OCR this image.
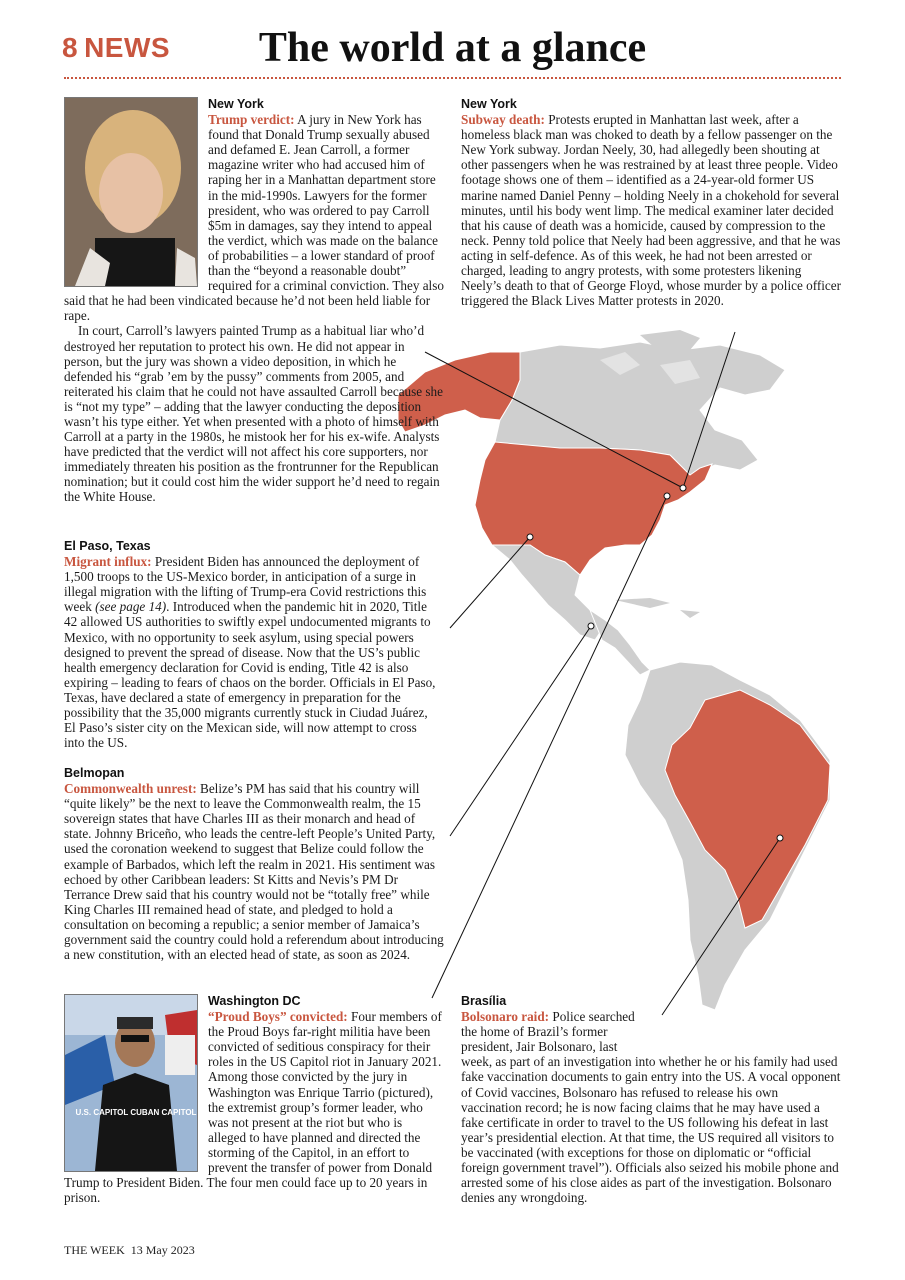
8 NEWS	The world at a glance
New York

Trump verdict: A jury in New York has found that Donald Trump sexually abused and defamed E. Jean Carroll, a former magazine writer who had accused him of raping her in a Manhattan department store in the mid-1990s. Lawyers for the former president, who was ordered to pay Carroll $5m in damages, say they intend to appeal the verdict, which was made on the balance of probabilities – a lower standard of proof than the “beyond a reasonable doubt” required for a criminal conviction. They also said that he had been vindicated because he’d not been held liable for rape.

In court, Carroll’s lawyers painted Trump as a habitual liar who’d destroyed her reputation to protect his own. He did not appear in person, but the jury was shown a video deposition, in which he defended his “grab ’em by the pussy” comments from 2005, and reiterated his claim that he could not have assaulted Carroll because she is “not my type” – adding that the lawyer conducting the deposition wasn’t his type either. Yet when presented with a photo of himself with Carroll at a party in the 1980s, he mistook her for his ex-wife. Analysts have predicted that the verdict will not affect his core supporters, nor immediately threaten his position as the frontrunner for the Republican nomination; but it could cost him the wider support he’d need to regain the White House.

New York

Subway death: Protests erupted in Manhattan last week, after a homeless black man was choked to death by a fellow passenger on the New York subway. Jordan Neely, 30, had allegedly been shouting at other passengers when he was restrained by at least three people. Video footage shows one of them – identified as a 24-year-old former US marine named Daniel Penny – holding Neely in a chokehold for several minutes, until his body went limp. The medical examiner later decided that his cause of death was a homicide, caused by compression to the neck. Penny told police that Neely had been aggressive, and that he was acting in self-defence. As of this week, he had not been arrested or charged, leading to angry protests, with some protesters likening Neely’s death to that of George Floyd, whose murder by a police officer triggered the Black Lives Matter protests in 2020.

El Paso, Texas

Migrant influx: President Biden has announced the deployment of 1,500 troops to the US-Mexico border, in anticipation of a surge in illegal migration with the lifting of Trump-era Covid restrictions this week (see page 14). Introduced when the pandemic hit in 2020, Title 42 allowed US authorities to swiftly expel undocumented migrants to Mexico, with no opportunity to seek asylum, using special powers designed to prevent the spread of disease. Now that the US’s public health emergency declaration for Covid is ending, Title 42 is also expiring – leading to fears of chaos on the border. Officials in El Paso, Texas, have declared a state of emergency in preparation for the possibility that the 35,000 migrants currently stuck in Ciudad Juárez, El Paso’s sister city on the Mexican side, will now attempt to cross into the US.

Belmopan

Commonwealth unrest: Belize’s PM has said that his country will “quite likely” be the next to leave the Commonwealth realm, the 15 sovereign states that have Charles III as their monarch and head of state. Johnny Briceño, who leads the centre-left People’s United Party, used the coronation weekend to suggest that Belize could follow the example of Barbados, which left the realm in 2021. His sentiment was echoed by other Caribbean leaders: St Kitts and Nevis’s PM Dr Terrance Drew said that his country would not be “totally free” while King Charles III remained head of state, and pledged to hold a consultation on becoming a republic; a senior member of Jamaica’s government said the country could hold a referendum about introducing a new constitution, with an elected head of state, as soon as 2024.

U.S. CAPITOL CUBAN CAPITOL
Washington DC

“Proud Boys” convicted: Four members of the Proud Boys far-right militia have been convicted of seditious conspiracy for their roles in the US Capitol riot in January 2021. Among those convicted by the jury in Washington was Enrique Tarrio (pictured), the extremist group’s former leader, who was not present at the riot but who is alleged to have planned and directed the storming of the Capitol, in an effort to prevent the transfer of power from Donald Trump to President Biden. The four men could face up to 20 years in prison.

Brasília

Bolsonaro raid: Police searched the home of Brazil’s former president, Jair Bolsonaro, last week, as part of an investigation into whether he or his family had used fake vaccination documents to gain entry into the US. A vocal opponent of Covid vaccines, Bolsonaro has refused to release his own vaccination record; he is now facing claims that he may have used a fake certificate in order to travel to the US following his defeat in last year’s presidential election. At that time, the US required all visitors to be vaccinated (with exceptions for those on diplomatic or “official foreign government travel”). Officials also seized his mobile phone and arrested some of his close aides as part of the investigation. Bolsonaro denies any wrongdoing.

THE WEEK 13 May 2023
